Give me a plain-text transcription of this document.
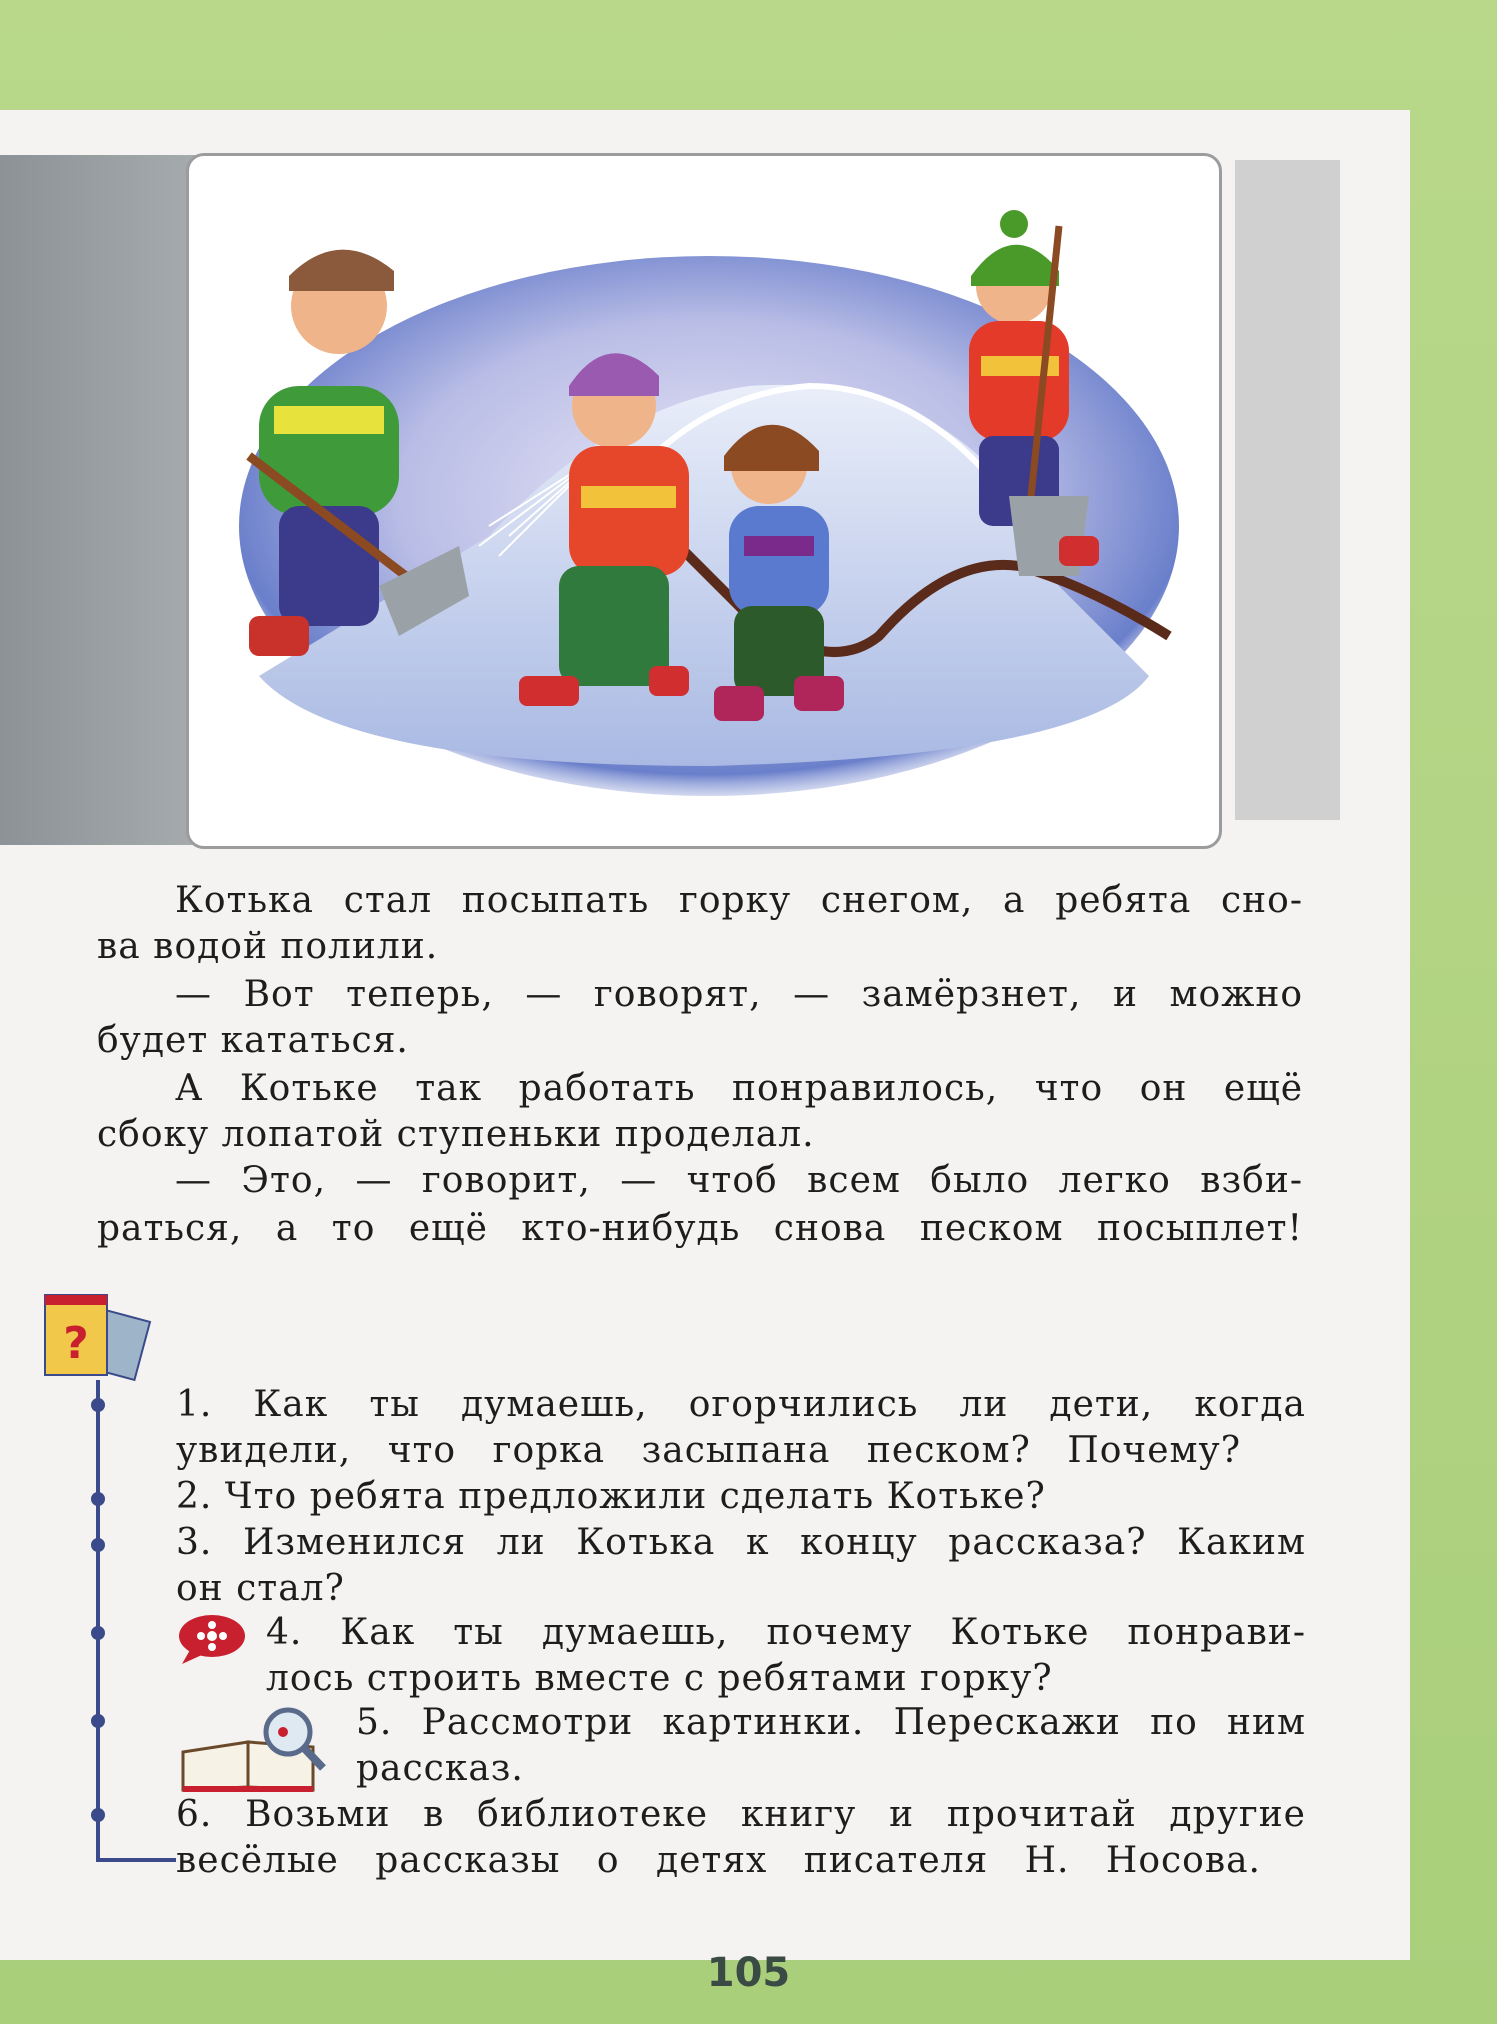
Котька стал посыпать горку снегом, а ребята сно-
ва водой полили.
— Вот теперь, — говорят, — замёрзнет, и можно
будет кататься.
А Котьке так работать понравилось, что он ещё
сбоку лопатой ступеньки проделал.
— Это, — говорит, — чтоб всем было легко взби-
раться, а то ещё кто-нибудь снова песком посыплет!
?
1. Как ты думаешь, огорчились ли дети, когда
увидели, что горка засыпана песком? Почему?
2. Что ребята предложили сделать Котьке?
3. Изменился ли Котька к концу рассказа? Каким
он стал?
4. Как ты думаешь, почему Котьке понрави-
лось строить вместе с ребятами горку?
5. Рассмотри картинки. Перескажи по ним
рассказ.
6. Возьми в библиотеке книгу и прочитай другие
весёлые рассказы о детях писателя Н. Носова.
105
